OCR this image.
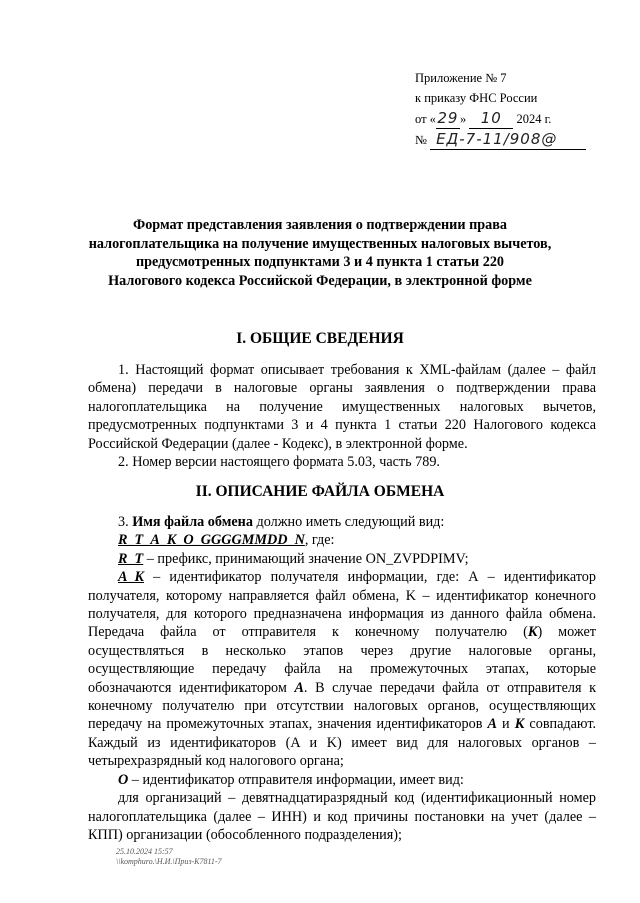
Приложение № 7
к приказу ФНС России
от «29» 10 2024 г.
№ ЕД-7-11/908@
Формат представления заявления о подтверждении права
налогоплательщика на получение имущественных налоговых вычетов,
предусмотренных подпунктами 3 и 4 пункта 1 статьи 220
Налогового кодекса Российской Федерации, в электронной форме
I. ОБЩИЕ СВЕДЕНИЯ

1. Настоящий формат описывает требования к XML-файлам (далее – файл обмена) передачи в налоговые органы заявления о подтверждении права налогоплательщика на получение имущественных налоговых вычетов, предусмотренных подпунктами 3 и 4 пункта 1 статьи 220 Налогового кодекса Российской Федерации (далее - Кодекс), в электронной форме.

2. Номер версии настоящего формата 5.03, часть 789.

II. ОПИСАНИЕ ФАЙЛА ОБМЕНА

3. Имя файла обмена должно иметь следующий вид:

R_T_A_K_O_GGGGMMDD_N, где:

R_T – префикс, принимающий значение ON_ZVPDPIMV;

A_K – идентификатор получателя информации, где: А – идентификатор получателя, которому направляется файл обмена, K – идентификатор конечного получателя, для которого предназначена информация из данного файла обмена. Передача файла от отправителя к конечному получателю (К) может осуществляться в несколько этапов через другие налоговые органы, осуществляющие передачу файла на промежуточных этапах, которые обозначаются идентификатором А. В случае передачи файла от отправителя к конечному получателю при отсутствии налоговых органов, осуществляющих передачу на промежуточных этапах, значения идентификаторов А и К совпадают. Каждый из идентификаторов (A и K) имеет вид для налоговых органов – четырехразрядный код налогового органа;

О – идентификатор отправителя информации, имеет вид:

для организаций – девятнадцатиразрядный код (идентификационный номер налогоплательщика (далее – ИНН) и код причины постановки на учет (далее – КПП) организации (обособленного подразделения);

25.10.2024 15:57
\\komphuro.\Н.И.\Приз-К7811-7
